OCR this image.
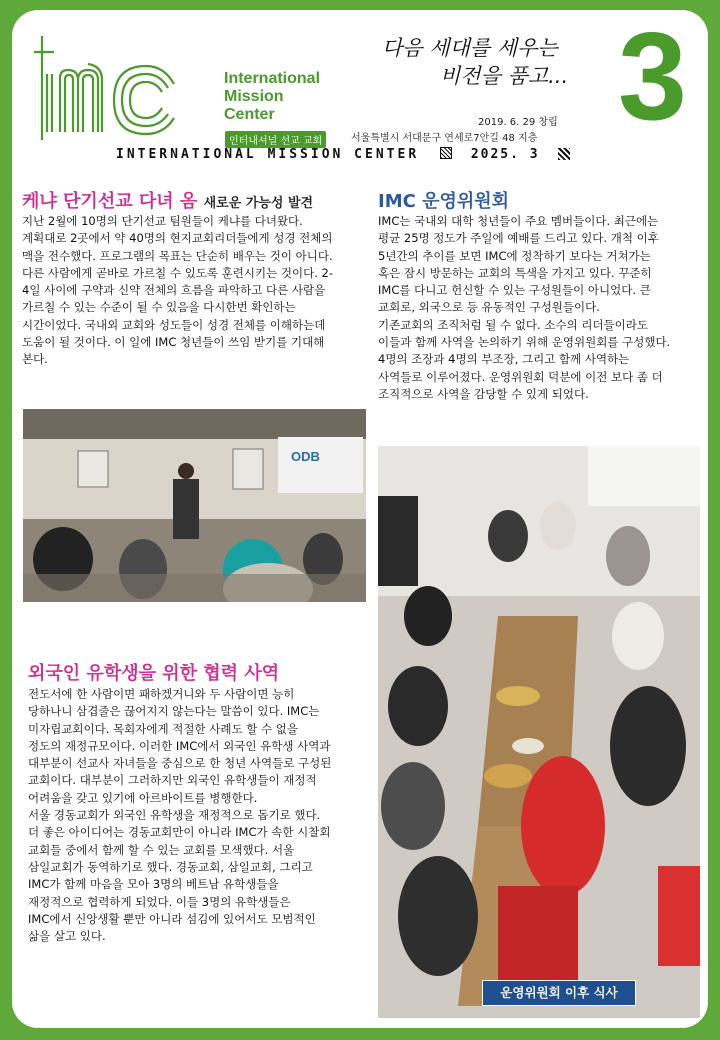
International
Mission
Center
인터내셔널 선교 교회
다음 세대를 세우는
비전을 품고... 3
2019. 6. 29 창립
서울특별시 서대문구 연세로7안길 48 지층
INTERNATIONAL MISSION CENTER	2025. 3
케냐 단기선교 다녀 옴 새로운 가능성 발견
지난 2월에 10명의 단기선교 팀원들이 케냐를 다녀왔다.
계획대로 2곳에서 약 40명의 현지교회리더들에게 성경 전체의
맥을 전수했다. 프로그램의 목표는 단순히 배우는 것이 아니다.
다른 사람에게 곧바로 가르칠 수 있도록 훈련시키는 것이다. 2-
4일 사이에 구약과 신약 전체의 흐름을 파악하고 다른 사람을
가르칠 수 있는 수준이 될 수 있음을 다시한번 확인하는
시간이었다. 국내외 교회와 성도들이 성경 전체를 이해하는데
도움이 될 것이다. 이 일에 IMC 청년들이 쓰임 받기를 기대해
본다.
ODB
IMC 운영위원회
IMC는 국내외 대학 청년들이 주요 멤버들이다. 최근에는
평균 25명 정도가 주일에 예배를 드리고 있다. 개척 이후
5년간의 추이를 보면 IMC에 정착하기 보다는 거쳐가는
혹은 잠시 방문하는 교회의 특색을 가지고 있다. 꾸준히
IMC를 다니고 헌신할 수 있는 구성원들이 아니었다. 큰
교회로, 외국으로 등 유동적인 구성원들이다.
기존교회의 조직처럼 될 수 없다. 소수의 리더들이라도
이들과 함께 사역을 논의하기 위해 운영위원회를 구성했다.
4명의 조장과 4명의 부조장, 그리고 함께 사역하는
사역들로 이루어졌다. 운영위원회 덕분에 이전 보다 좀 더
조직적으로 사역을 감당할 수 있게 되었다.
운영위원회 이후 식사
외국인 유학생을 위한 협력 사역
전도서에 한 사람이면 패하겠거니와 두 사람이면 능히
당하나니 삼겹줄은 끊어지지 않는다는 말씀이 있다. IMC는
미자립교회이다. 목회자에게 적절한 사례도 할 수 없을
정도의 재정규모이다. 이러한 IMC에서 외국인 유학생 사역과
대부분이 선교사 자녀들을 중심으로 한 청년 사역들로 구성된
교회이다. 대부분이 그러하지만 외국인 유학생들이 재정적
어려움을 갖고 있기에 아르바이트를 병행한다.
서울 경동교회가 외국인 유학생을 재정적으로 돕기로 했다.
더 좋은 아이디어는 경동교회만이 아니라 IMC가 속한 시찰회
교회들 중에서 함께 할 수 있는 교회를 모색했다. 서울
삼일교회가 동역하기로 했다. 경동교회, 삼일교회, 그리고
IMC가 함께 마음을 모아 3명의 베트남 유학생들을
재정적으로 협력하게 되었다. 이들 3명의 유학생들은
IMC에서 신앙생활 뿐만 아니라 섬김에 있어서도 모범적인
삶을 살고 있다.
